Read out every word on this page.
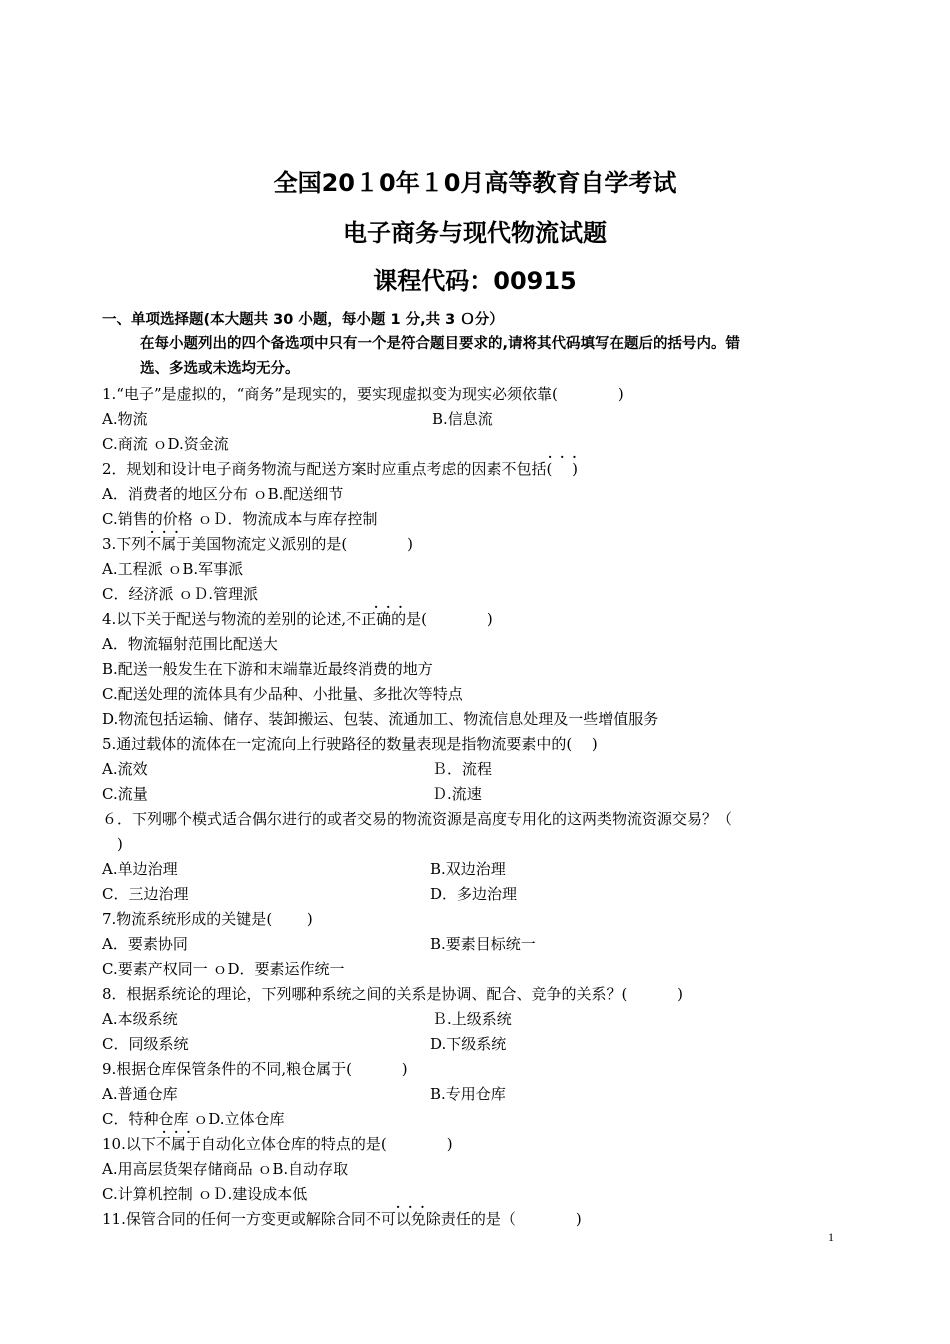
全国20１0年１0月高等教育自学考试
电子商务与现代物流试题
课程代码：00915

一、单项选择题(本大题共 30 小题，每小题 1 分,共 3 Ｏ分）

在每小题列出的四个备选项中只有一个是符合题目要求的,请将其代码填写在题后的括号内。错
选、多选或未选均无分。

1.“电子”是虚拟的，“商务”是现实的，要实现虚拟变为现实必须依靠(　　　　)

A.物流	B.信息流

C.商流 ｏD.资金流

2．规划和设计电子商务物流与配送方案时应重点考虑的因素不包括(　 )

···

A．消费者的地区分布 ｏB.配送细节

C.销售的价格 ｏＤ．物流成本与库存控制

3.下列不属于美国物流定义派别的是(　　　　)

···

A.工程派 ｏB.军事派

C．经济派 ｏＤ.管理派

4.以下关于配送与物流的差别的论述,不正确的是(　　　　)

···

A．物流辐射范围比配送大

B.配送一般发生在下游和末端靠近最终消费的地方

C.配送处理的流体具有少品种、小批量、多批次等特点

D.物流包括运输、储存、装卸搬运、包装、流通加工、物流信息处理及一些增值服务

5.通过载体的流体在一定流向上行驶路径的数量表现是指物流要素中的(　 )

A.流效	Ｂ．流程

C.流量	Ｄ.流速

６．下列哪个模式适合偶尔进行的或者交易的物流资源是高度专用化的这两类物流资源交易？（

　)

A.单边治理	B.双边治理

C．三边治理	D．多边治理

7.物流系统形成的关键是(　　 )

A．要素协同	B.要素目标统一

C.要素产权同一 ｏD．要素运作统一

8．根据系统论的理论，下列哪种系统之间的关系是协调、配合、竞争的关系？(　　　 )

A.本级系统	Ｂ.上级系统

C．同级系统	D.下级系统

9.根据仓库保管条件的不同,粮仓属于(　　　 )

A.普通仓库	B.专用仓库

C．特种仓库 ｏD.立体仓库

10.以下不属于自动化立体仓库的特点的是(　　　　)

···

A.用高层货架存储商品 ｏB.自动存取

C.计算机控制 ｏＤ.建设成本低

11.保管合同的任何一方变更或解除合同不可以免除责任的是（　　　　)

···
1
